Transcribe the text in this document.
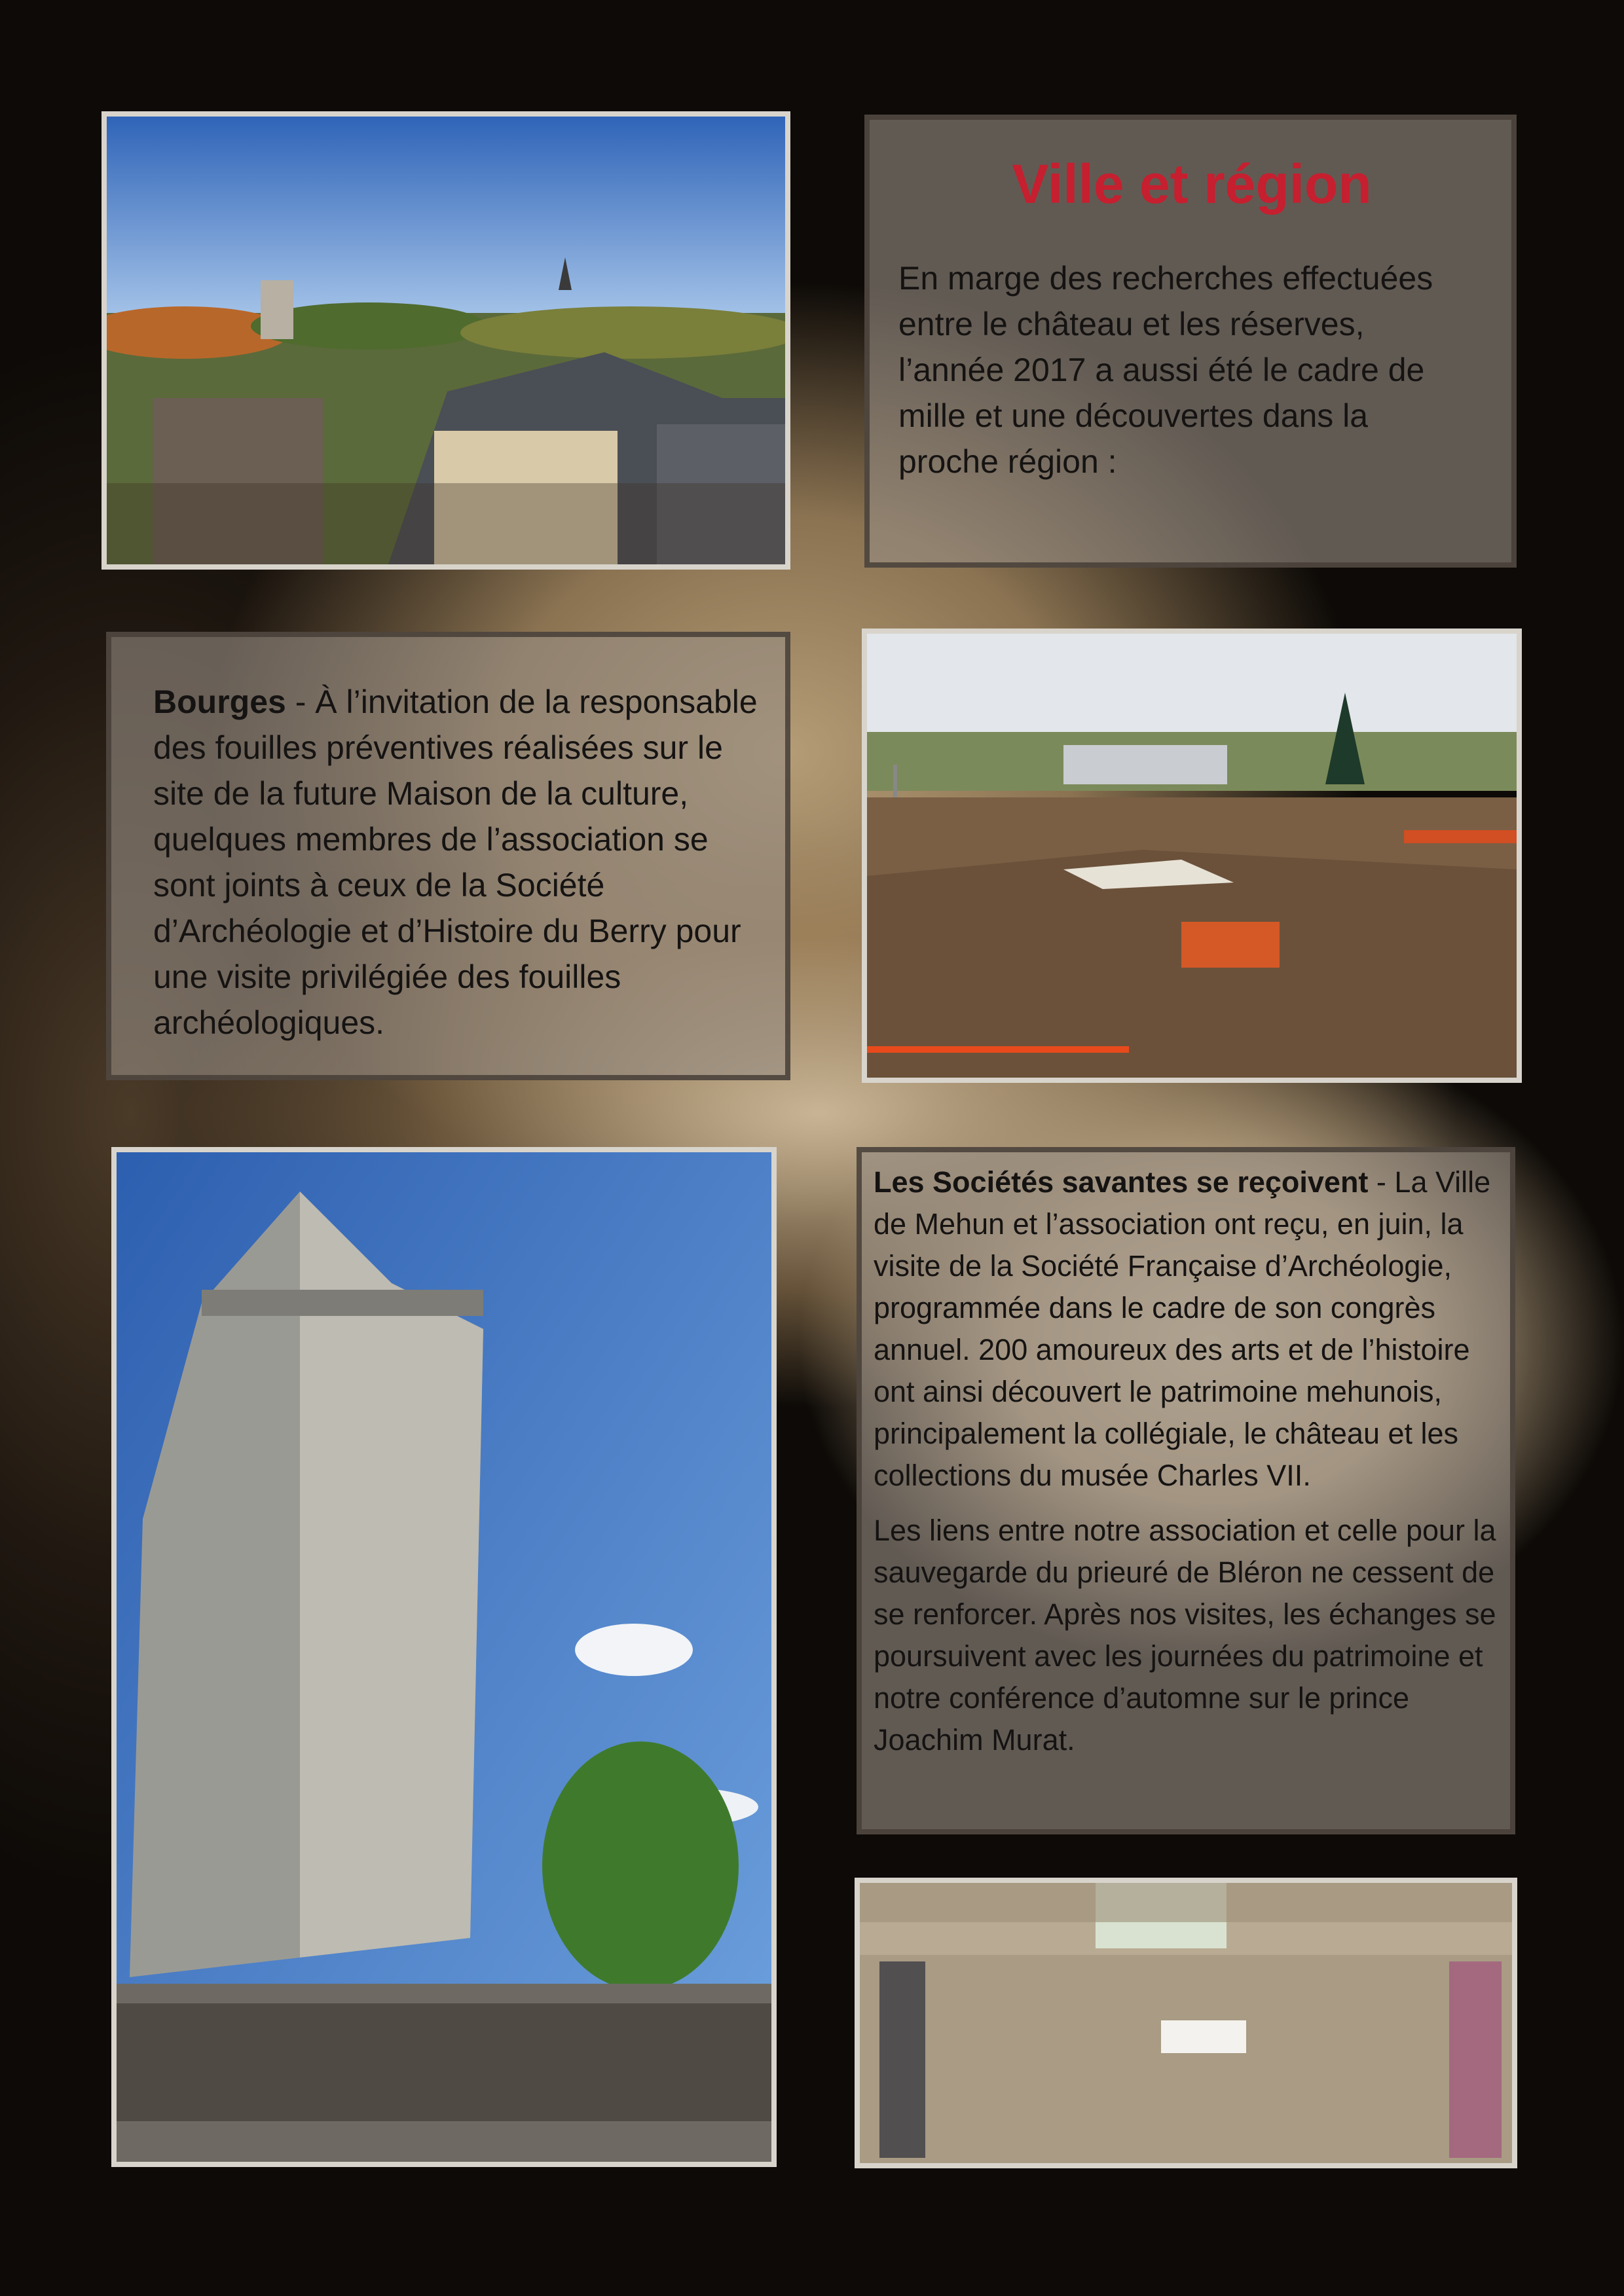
Ville et région

En marge des recherches effectuées entre le château et les réserves, l’année 2017 a aussi été le cadre de mille et une découvertes dans la proche région :

Bourges - À l’invitation de la responsable des fouilles préventives réalisées sur le site de la future Maison de la culture, quelques membres de l’association se sont joints à ceux de la Société d’Archéologie et d’Histoire du Berry pour une visite privilégiée des fouilles archéologiques.

Les Sociétés savantes se reçoivent - La Ville de Mehun et l’association ont reçu, en juin, la visite de la Société Française d’Archéologie, programmée dans le cadre de son congrès annuel. 200 amoureux des arts et de l’histoire ont ainsi découvert le patrimoine mehunois, principalement la collégiale, le château et les collections du musée Charles VII.

Les liens entre notre association et celle pour la sauvegarde du prieuré de Bléron ne cessent de se renforcer. Après nos visites, les échanges se poursuivent avec les journées du patrimoine et notre conférence d’automne sur le prince Joachim Murat.
